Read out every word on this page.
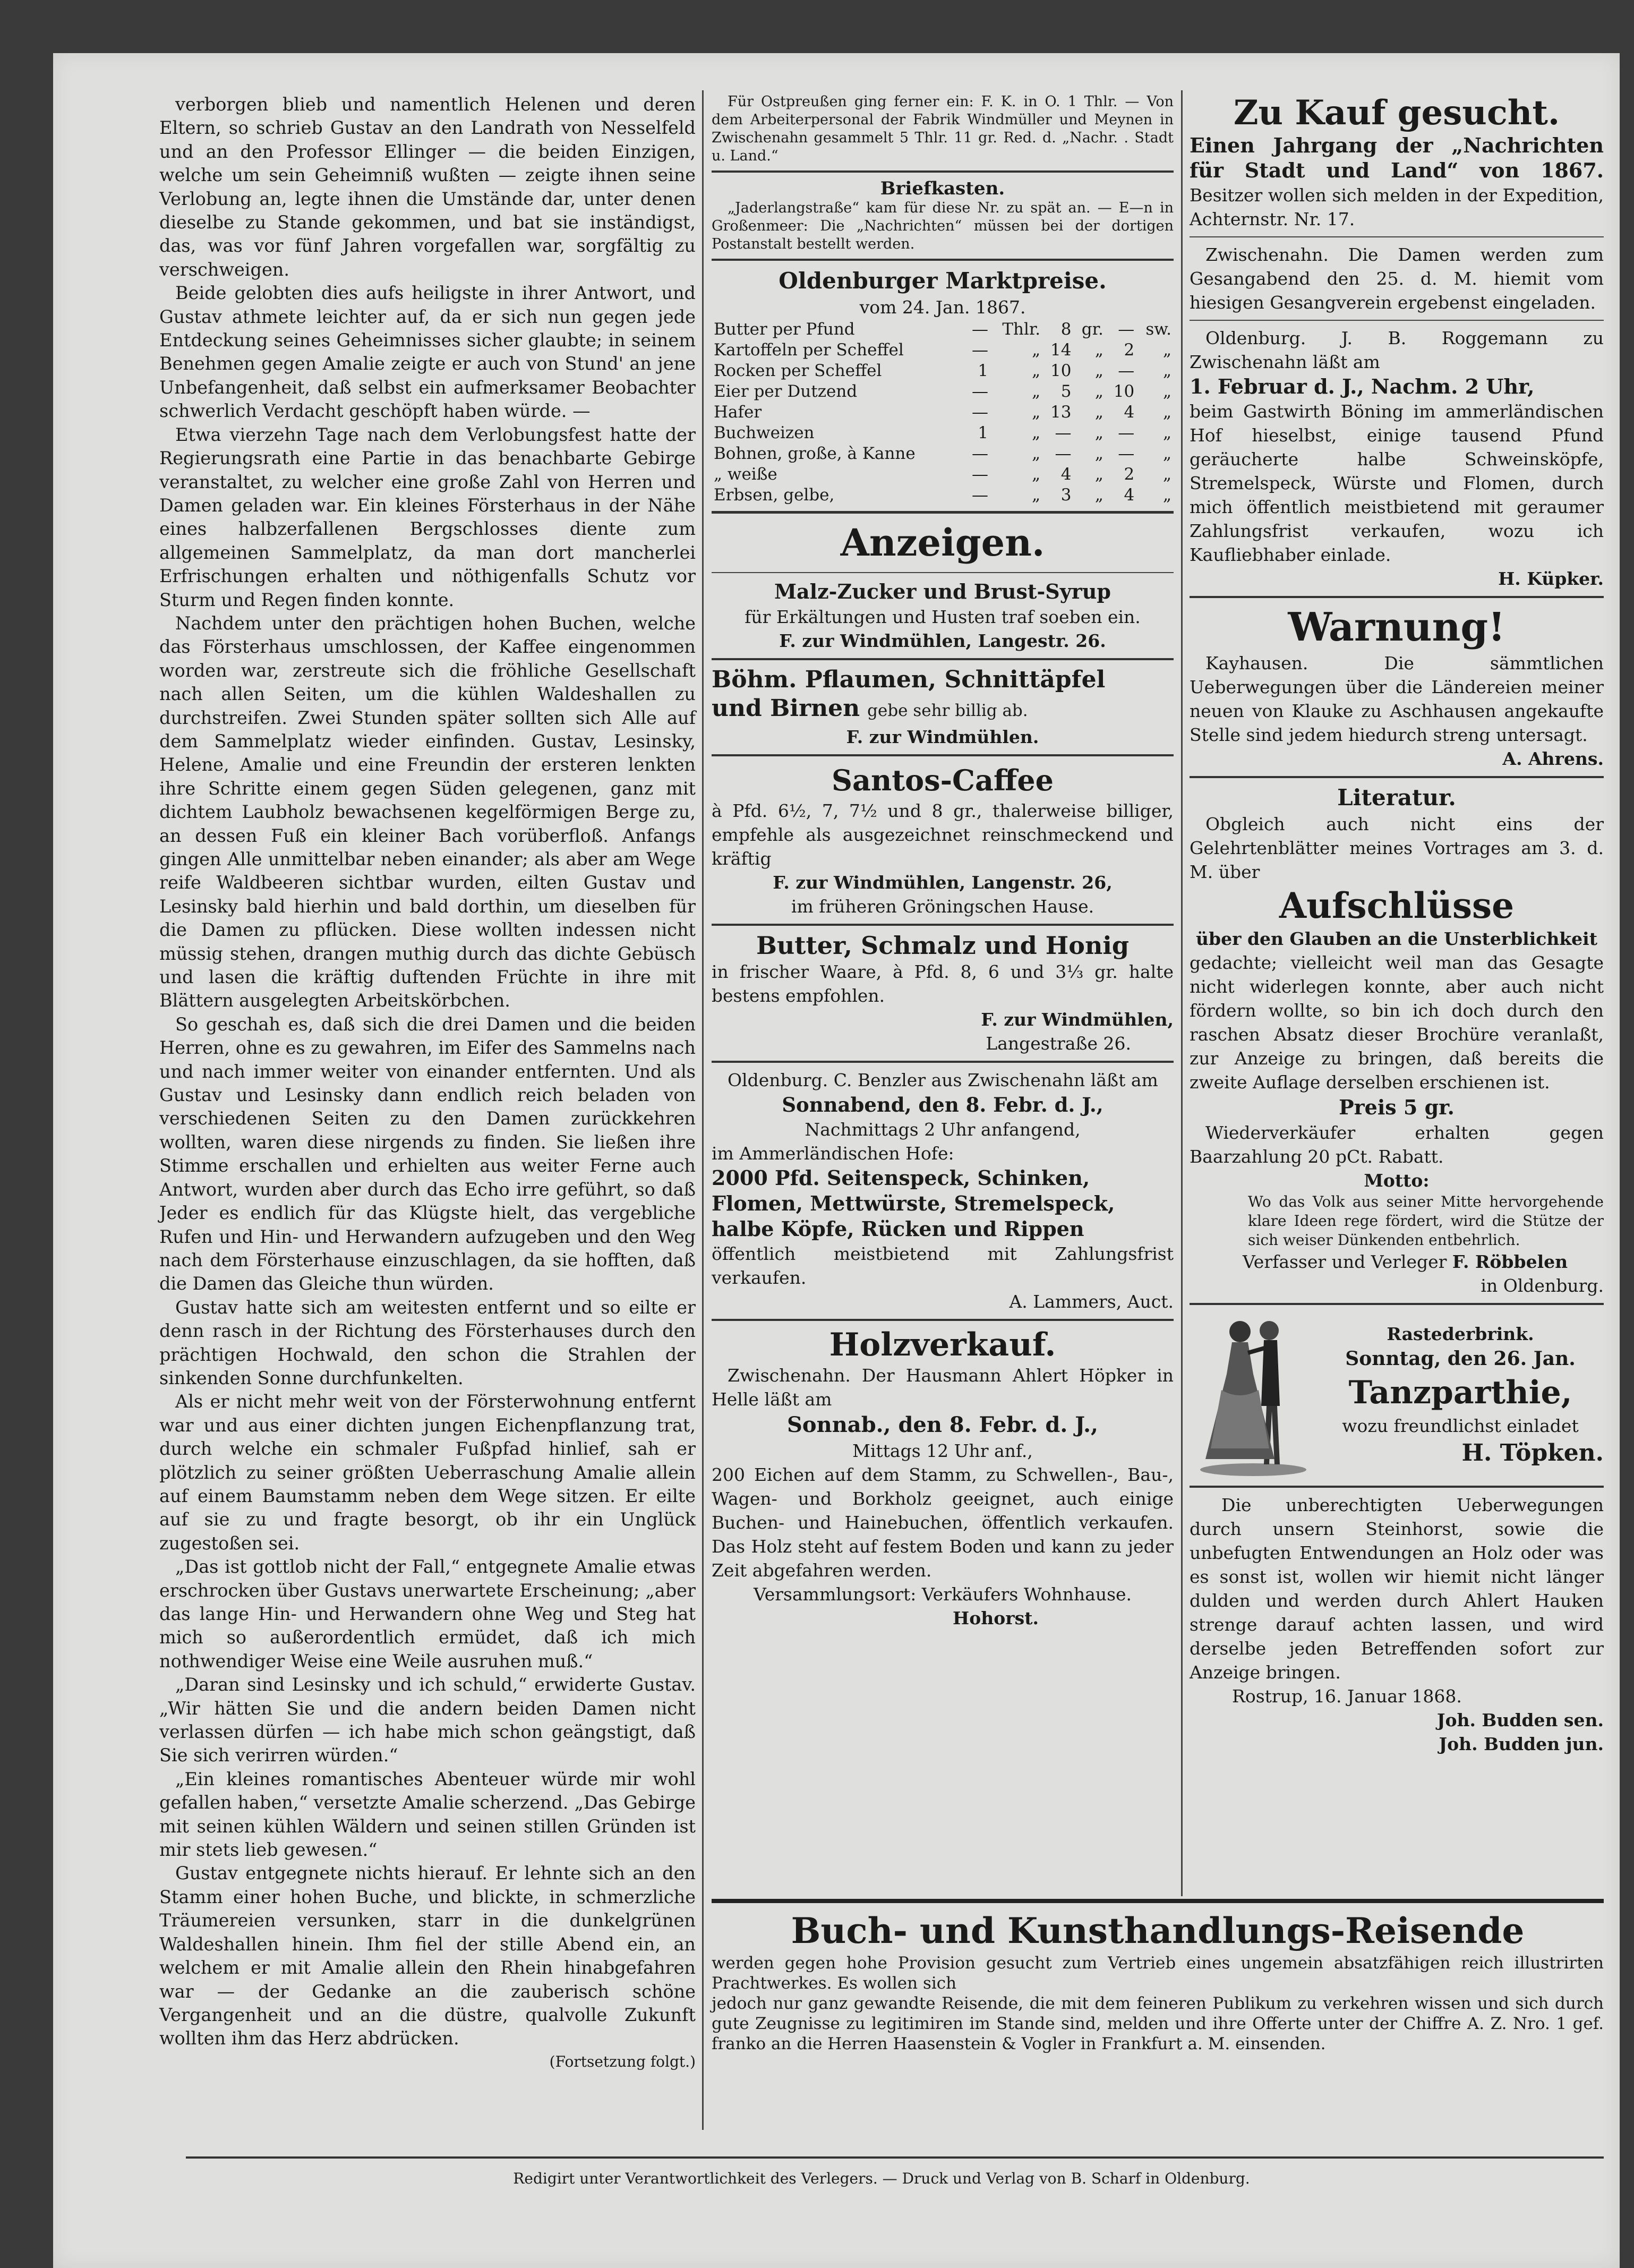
verborgen blieb und namentlich Helenen und deren Eltern, so schrieb Gustav an den Landrath von Nesselfeld und an den Professor Ellinger — die beiden Einzigen, welche um sein Geheimniß wußten — zeigte ihnen seine Verlobung an, legte ihnen die Umstände dar, unter denen dieselbe zu Stande gekommen, und bat sie inständigst, das, was vor fünf Jahren vorgefallen war, sorgfältig zu verschweigen.

Beide gelobten dies aufs heiligste in ihrer Antwort, und Gustav athmete leichter auf, da er sich nun gegen jede Entdeckung seines Geheimnisses sicher glaubte; in seinem Benehmen gegen Amalie zeigte er auch von Stund' an jene Unbefangenheit, daß selbst ein aufmerksamer Beobachter schwerlich Verdacht geschöpft haben würde. —

Etwa vierzehn Tage nach dem Verlobungsfest hatte der Regierungsrath eine Partie in das benachbarte Gebirge veranstaltet, zu welcher eine große Zahl von Herren und Damen geladen war. Ein kleines Försterhaus in der Nähe eines halbzerfallenen Bergschlosses diente zum allgemeinen Sammelplatz, da man dort mancherlei Erfrischungen erhalten und nöthigenfalls Schutz vor Sturm und Regen finden konnte.

Nachdem unter den prächtigen hohen Buchen, welche das Försterhaus umschlossen, der Kaffee eingenommen worden war, zerstreute sich die fröhliche Gesellschaft nach allen Seiten, um die kühlen Waldeshallen zu durchstreifen. Zwei Stunden später sollten sich Alle auf dem Sammelplatz wieder einfinden. Gustav, Lesinsky, Helene, Amalie und eine Freundin der ersteren lenkten ihre Schritte einem gegen Süden gelegenen, ganz mit dichtem Laubholz bewachsenen kegelförmigen Berge zu, an dessen Fuß ein kleiner Bach vorüberfloß. Anfangs gingen Alle unmittelbar neben einander; als aber am Wege reife Waldbeeren sichtbar wurden, eilten Gustav und Lesinsky bald hierhin und bald dorthin, um dieselben für die Damen zu pflücken. Diese wollten indessen nicht müssig stehen, drangen muthig durch das dichte Gebüsch und lasen die kräftig duftenden Früchte in ihre mit Blättern ausgelegten Arbeitskörbchen.

So geschah es, daß sich die drei Damen und die beiden Herren, ohne es zu gewahren, im Eifer des Sammelns nach und nach immer weiter von einander entfernten. Und als Gustav und Lesinsky dann endlich reich beladen von verschiedenen Seiten zu den Damen zurückkehren wollten, waren diese nirgends zu finden. Sie ließen ihre Stimme erschallen und erhielten aus weiter Ferne auch Antwort, wurden aber durch das Echo irre geführt, so daß Jeder es endlich für das Klügste hielt, das vergebliche Rufen und Hin- und Herwandern aufzugeben und den Weg nach dem Försterhause einzuschlagen, da sie hofften, daß die Damen das Gleiche thun würden.

Gustav hatte sich am weitesten entfernt und so eilte er denn rasch in der Richtung des Försterhauses durch den prächtigen Hochwald, den schon die Strahlen der sinkenden Sonne durchfunkelten.

Als er nicht mehr weit von der Försterwohnung entfernt war und aus einer dichten jungen Eichenpflanzung trat, durch welche ein schmaler Fußpfad hinlief, sah er plötzlich zu seiner größten Ueberraschung Amalie allein auf einem Baumstamm neben dem Wege sitzen. Er eilte auf sie zu und fragte besorgt, ob ihr ein Unglück zugestoßen sei.

„Das ist gottlob nicht der Fall,“ entgegnete Amalie etwas erschrocken über Gustavs unerwartete Erscheinung; „aber das lange Hin- und Herwandern ohne Weg und Steg hat mich so außerordentlich ermüdet, daß ich mich nothwendiger Weise eine Weile ausruhen muß.“

„Daran sind Lesinsky und ich schuld,“ erwiderte Gustav. „Wir hätten Sie und die andern beiden Damen nicht verlassen dürfen — ich habe mich schon geängstigt, daß Sie sich verirren würden.“

„Ein kleines romantisches Abenteuer würde mir wohl gefallen haben,“ versetzte Amalie scherzend. „Das Gebirge mit seinen kühlen Wäldern und seinen stillen Gründen ist mir stets lieb gewesen.“

Gustav entgegnete nichts hierauf. Er lehnte sich an den Stamm einer hohen Buche, und blickte, in schmerzliche Träumereien versunken, starr in die dunkelgrünen Waldeshallen hinein. Ihm fiel der stille Abend ein, an welchem er mit Amalie allein den Rhein hinabgefahren war — der Gedanke an die zauberisch schöne Vergangenheit und an die düstre, qualvolle Zukunft wollten ihm das Herz abdrücken.

(Fortsetzung folgt.)

Für Ostpreußen ging ferner ein: F. K. in O. 1 Thlr. — Von dem Arbeiterpersonal der Fabrik Windmüller und Meynen in Zwischenahn gesammelt 5 Thlr. 11 gr. Red. d. „Nachr. . Stadt u. Land.“

Briefkasten.

„Jaderlangstraße“ kam für diese Nr. zu spät an. — E—n in Großenmeer: Die „Nachrichten“ müssen bei der dortigen Postanstalt bestellt werden.

Oldenburger Marktpreise.
vom 24. Jan. 1867.
Butter per Pfund	—	Thlr.	8	gr.	—	sw.
Kartoffeln per Scheffel	—	„	14	„	2	„
Rocken per Scheffel	1	„	10	„	—	„
Eier per Dutzend	—	„	5	„	10	„
Hafer	—	„	13	„	4	„
Buchweizen	1	„	—	„	—	„
Bohnen, große, à Kanne	—	„	—	„	—	„
„ weiße	—	„	4	„	2	„
Erbsen, gelbe,	—	„	3	„	4	„
Anzeigen.
Malz-Zucker und Brust-Syrup
für Erkältungen und Husten traf soeben ein.
F. zur Windmühlen, Langestr. 26.
Böhm. Pflaumen, Schnittäpfel
und Birnen gebe sehr billig ab.
F. zur Windmühlen.
Santos-Caffee

à Pfd. 6½, 7, 7½ und 8 gr., thalerweise billiger, empfehle als ausgezeichnet reinschmeckend und kräftig

F. zur Windmühlen, Langenstr. 26,
im früheren Gröningschen Hause.
Butter, Schmalz und Honig

in frischer Waare, à Pfd. 8, 6 und 3⅓ gr. halte bestens empfohlen.

F. zur Windmühlen,
Langestraße 26.

Oldenburg. C. Benzler aus Zwischenahn läßt am

Sonnabend, den 8. Febr. d. J.,
Nachmittags 2 Uhr anfangend,
im Ammerländischen Hofe:
2000 Pfd. Seitenspeck, Schinken, Flomen, Mettwürste, Stremelspeck, halbe Köpfe, Rücken und Rippen

öffentlich meistbietend mit Zahlungsfrist verkaufen.

A. Lammers, Auct.
Holzverkauf.

Zwischenahn. Der Hausmann Ahlert Höpker in Helle läßt am

Sonnab., den 8. Febr. d. J.,
Mittags 12 Uhr anf.,

200 Eichen auf dem Stamm, zu Schwellen-, Bau-, Wagen- und Borkholz geeignet, auch einige Buchen- und Hainebuchen, öffentlich verkaufen. Das Holz steht auf festem Boden und kann zu jeder Zeit abgefahren werden.

Versammlungsort: Verkäufers Wohnhause.
Hohorst.
Zu Kauf gesucht.

Einen Jahrgang der „Nachrichten für Stadt und Land“ von 1867. Besitzer wollen sich melden in der Expedition, Achternstr. Nr. 17.

Zwischenahn. Die Damen werden zum Gesangabend den 25. d. M. hiemit vom hiesigen Gesangverein ergebenst eingeladen.

Oldenburg. J. B. Roggemann zu Zwischenahn läßt am

1. Februar d. J., Nachm. 2 Uhr,

beim Gastwirth Böning im ammerländischen Hof hieselbst, einige tausend Pfund geräucherte halbe Schweinsköpfe, Stremelspeck, Würste und Flomen, durch mich öffentlich meistbietend mit geraumer Zahlungsfrist verkaufen, wozu ich Kaufliebhaber einlade.

H. Küpker.
Warnung!

Kayhausen. Die sämmtlichen Ueberwegungen über die Ländereien meiner neuen von Klauke zu Aschhausen angekaufte Stelle sind jedem hiedurch streng untersagt.

A. Ahrens.
Literatur.

Obgleich auch nicht eins der Gelehrtenblätter meines Vortrages am 3. d. M. über

Aufschlüsse
über den Glauben an die Unsterblichkeit

gedachte; vielleicht weil man das Gesagte nicht widerlegen konnte, aber auch nicht fördern wollte, so bin ich doch durch den raschen Absatz dieser Brochüre veranlaßt, zur Anzeige zu bringen, daß bereits die zweite Auflage derselben erschienen ist.

Preis 5 gr.

Wiederverkäufer erhalten gegen Baarzahlung 20 pCt. Rabatt.

Motto:

Wo das Volk aus seiner Mitte hervorgehende klare Ideen rege fördert, wird die Stütze der sich weiser Dünkenden entbehrlich.

Verfasser und Verleger F. Röbbelen
in Oldenburg.
Rastederbrink.
Sonntag, den 26. Jan.
Tanzparthie,
wozu freundlichst einladet
H. Töpken.

Die unberechtigten Ueberwegungen durch unsern Steinhorst, sowie die unbefugten Entwendungen an Holz oder was es sonst ist, wollen wir hiemit nicht länger dulden und werden durch Ahlert Hauken strenge darauf achten lassen, und wird derselbe jeden Betreffenden sofort zur Anzeige bringen.

Rostrup, 16. Januar 1868.
Joh. Budden sen.
Joh. Budden jun.
Buch- und Kunsthandlungs-Reisende

werden gegen hohe Provision gesucht zum Vertrieb eines ungemein absatzfähigen reich illustrirten Prachtwerkes. Es wollen sich

jedoch nur ganz gewandte Reisende, die mit dem feineren Publikum zu verkehren wissen und sich durch gute Zeugnisse zu legitimiren im Stande sind, melden und ihre Offerte unter der Chiffre A. Z. Nro. 1 gef. franko an die Herren Haasenstein & Vogler in Frankfurt a. M. einsenden.

Redigirt unter Verantwortlichkeit des Verlegers. — Druck und Verlag von B. Scharf in Oldenburg.
